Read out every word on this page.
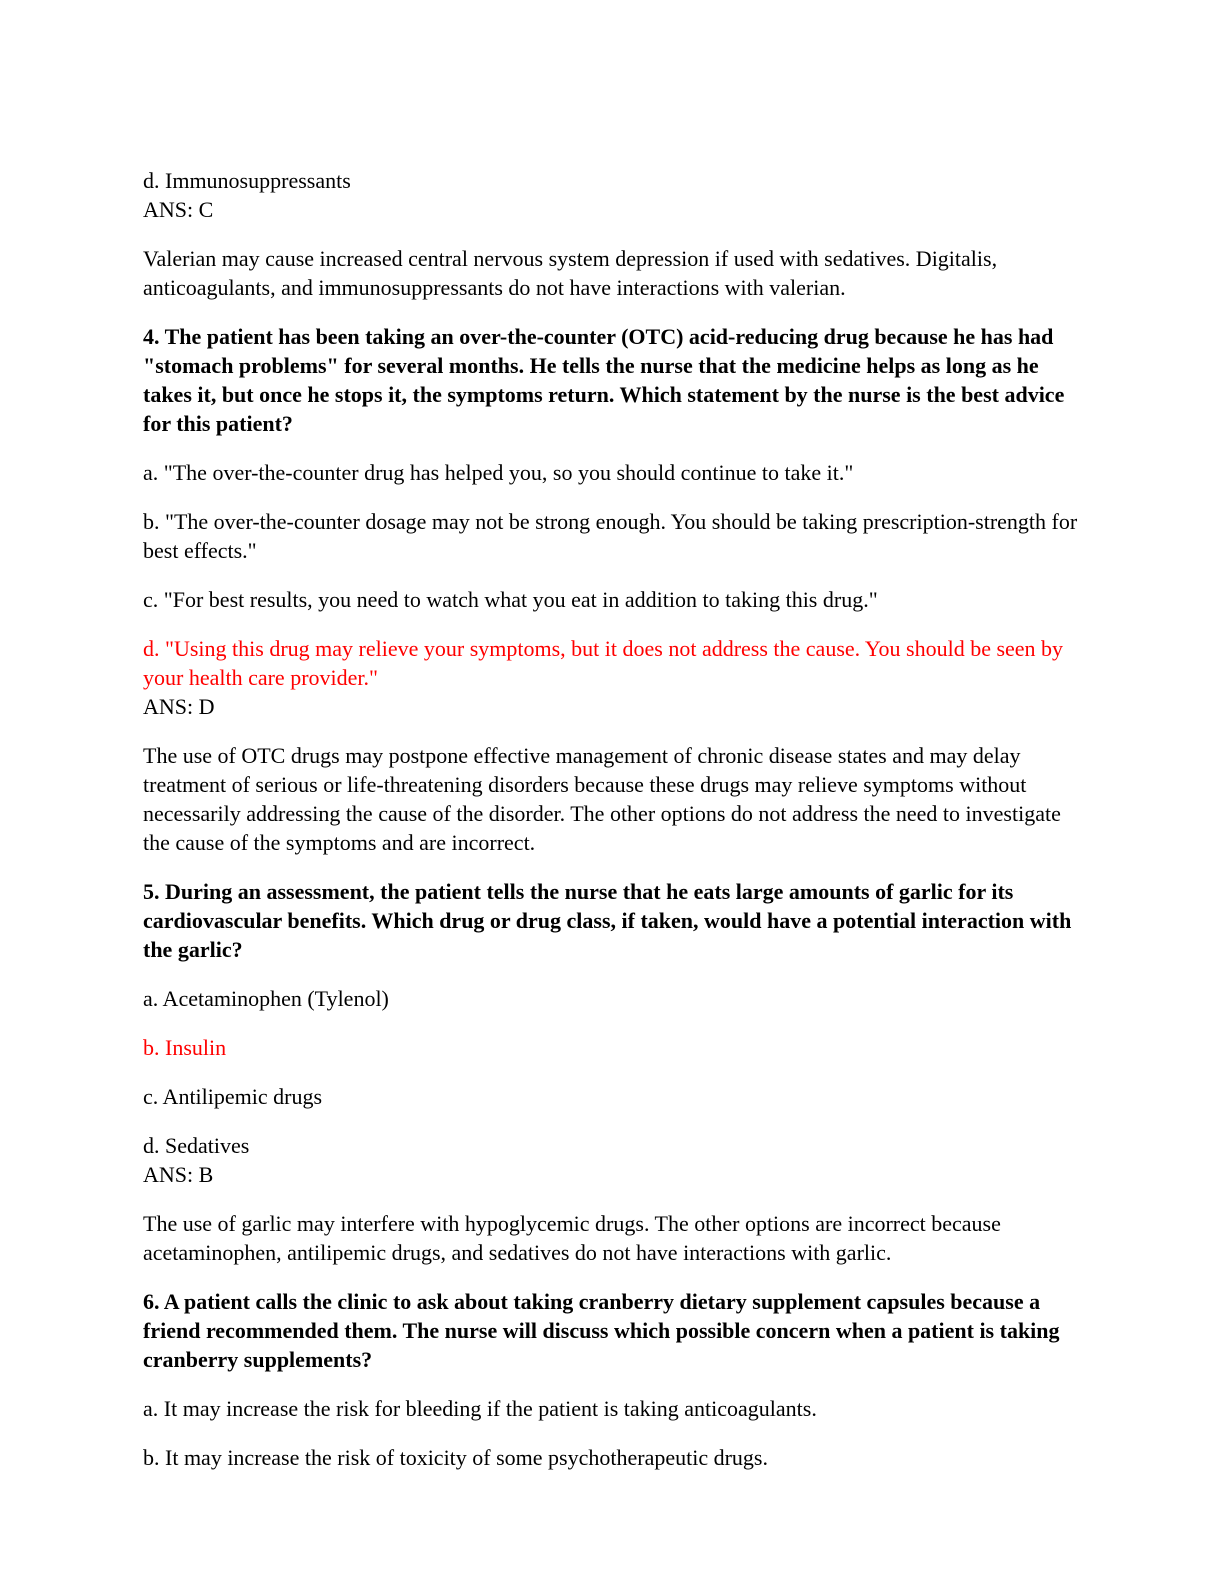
d. Immunosuppressants

ANS: C

Valerian may cause increased central nervous system depression if used with sedatives. Digitalis, anticoagulants, and immunosuppressants do not have interactions with valerian.

4. The patient has been taking an over-the-counter (OTC) acid-reducing drug because he has had "stomach problems" for several months. He tells the nurse that the medicine helps as long as he takes it, but once he stops it, the symptoms return. Which statement by the nurse is the best advice for this patient?

a. "The over-the-counter drug has helped you, so you should continue to take it."

b. "The over-the-counter dosage may not be strong enough. You should be taking prescription-strength for best effects."

c. "For best results, you need to watch what you eat in addition to taking this drug."

d. "Using this drug may relieve your symptoms, but it does not address the cause. You should be seen by your health care provider."

ANS: D

The use of OTC drugs may postpone effective management of chronic disease states and may delay treatment of serious or life-threatening disorders because these drugs may relieve symptoms without necessarily addressing the cause of the disorder. The other options do not address the need to investigate the cause of the symptoms and are incorrect.

5. During an assessment, the patient tells the nurse that he eats large amounts of garlic for its cardiovascular benefits. Which drug or drug class, if taken, would have a potential interaction with the garlic?

a. Acetaminophen (Tylenol)

b. Insulin

c. Antilipemic drugs

d. Sedatives

ANS: B

The use of garlic may interfere with hypoglycemic drugs. The other options are incorrect because acetaminophen, antilipemic drugs, and sedatives do not have interactions with garlic.

6. A patient calls the clinic to ask about taking cranberry dietary supplement capsules because a friend recommended them. The nurse will discuss which possible concern when a patient is taking cranberry supplements?

a. It may increase the risk for bleeding if the patient is taking anticoagulants.

b. It may increase the risk of toxicity of some psychotherapeutic drugs.
